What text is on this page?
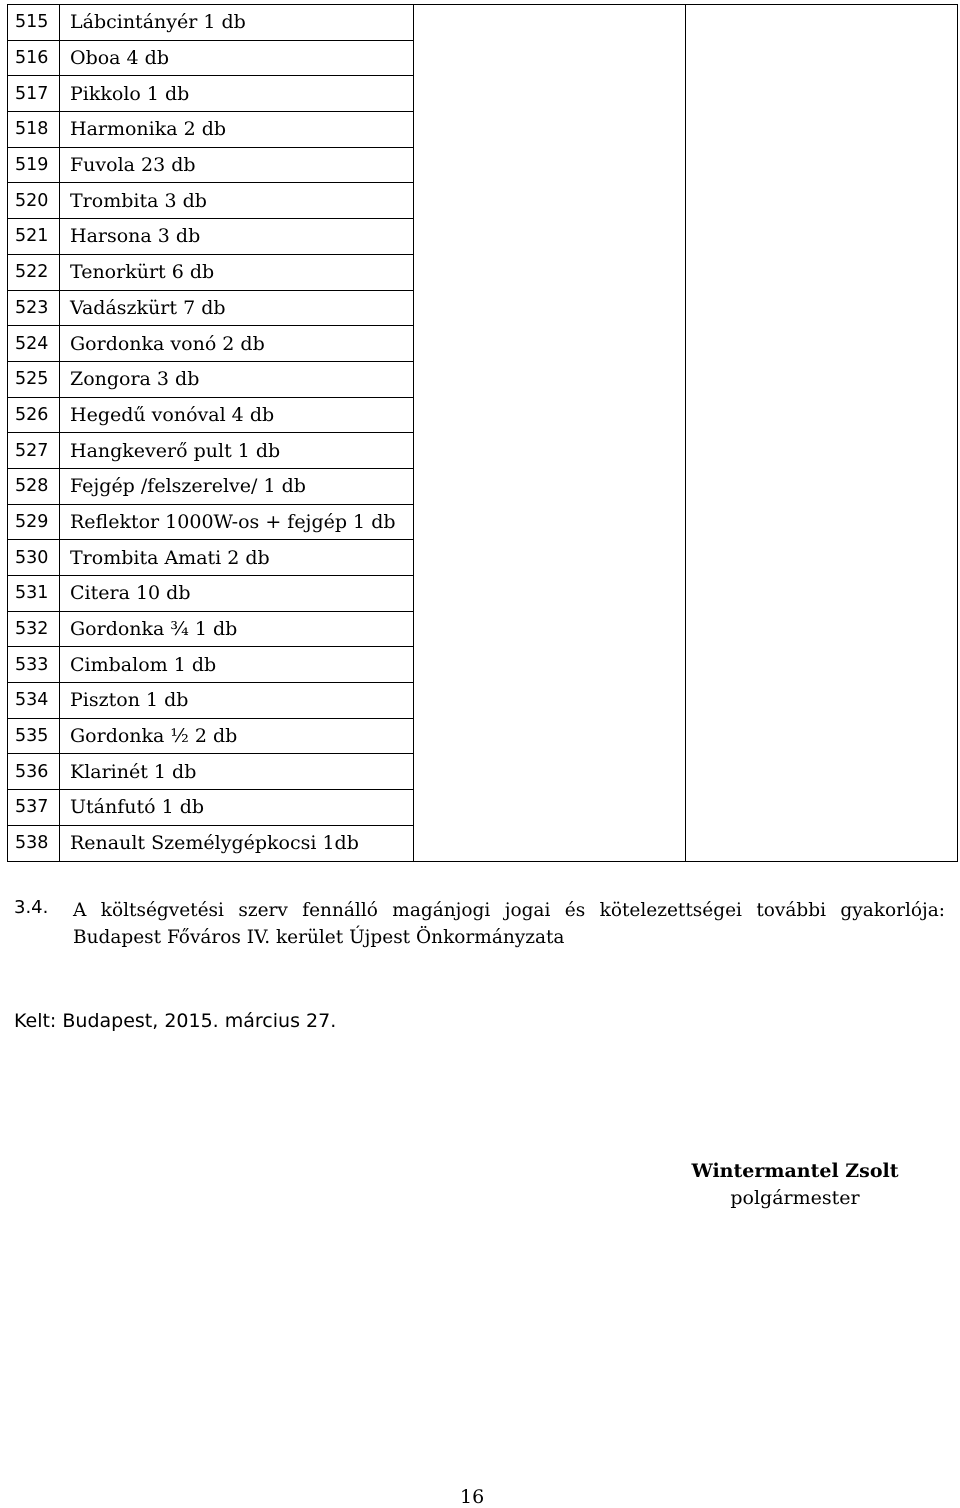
515	Lábcintányér 1 db		
516	Oboa 4 db		
517	Pikkolo 1 db		
518	Harmonika 2 db		
519	Fuvola 23 db		
520	Trombita 3 db		
521	Harsona 3 db		
522	Tenorkürt 6 db		
523	Vadászkürt 7 db		
524	Gordonka vonó 2 db		
525	Zongora 3 db		
526	Hegedű vonóval 4 db		
527	Hangkeverő pult 1 db		
528	Fejgép /felszerelve/ 1 db		
529	Reflektor 1000W-os + fejgép 1 db		
530	Trombita Amati 2 db		
531	Citera 10 db		
532	Gordonka ¾ 1 db		
533	Cimbalom 1 db		
534	Piszton 1 db		
535	Gordonka ½ 2 db		
536	Klarinét 1 db		
537	Utánfutó 1 db		
538	Renault Személygépkocsi 1db		
3.4. A költségvetési szerv fennálló magánjogi jogai és kötelezettségei további gyakorlója: Budapest Főváros IV. kerület Újpest Önkormányzata
Kelt: Budapest, 2015. március 27.
Wintermantel Zsolt
polgármester
16
